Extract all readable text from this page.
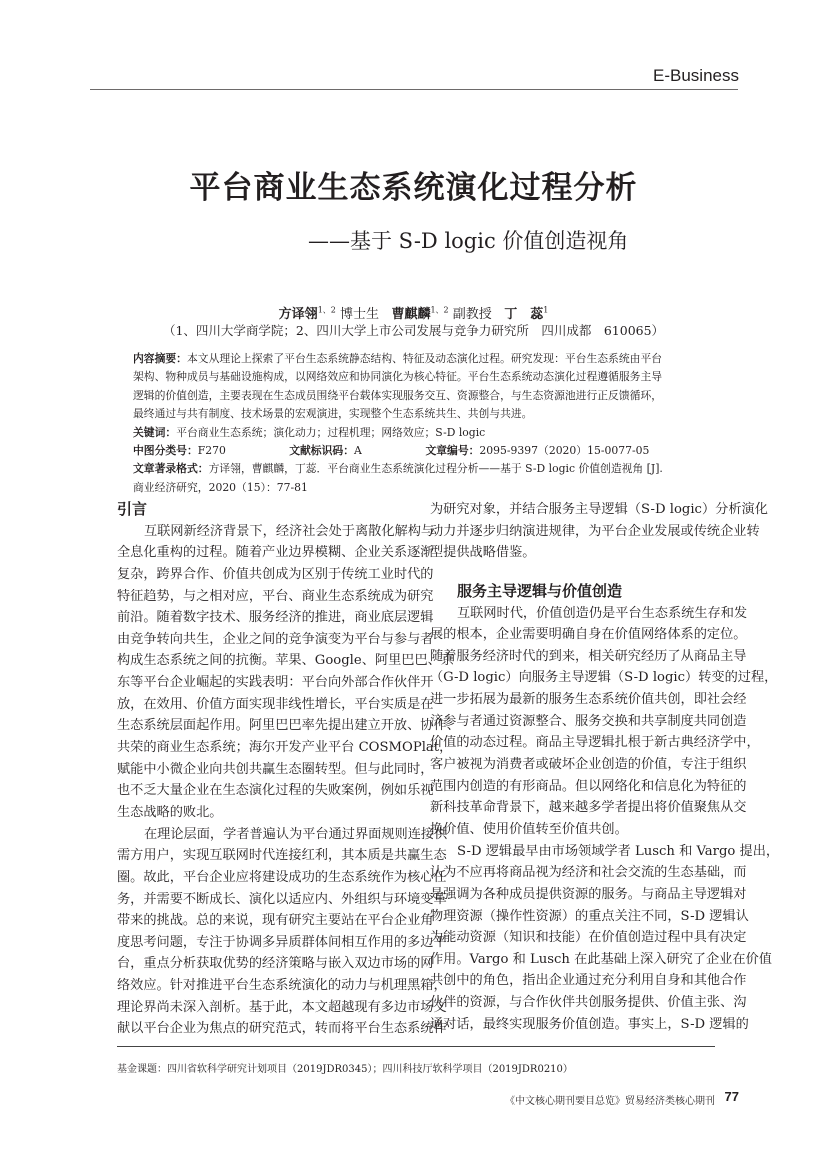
E-Business
平台商业生态系统演化过程分析
——基于 S-D logic 价值创造视角
方译翎$^{1、2}$ 博士生 曹麒麟$^{1、2}$ 副教授 丁　蕊$^1$
（1、四川大学商学院；2、四川大学上市公司发展与竞争力研究所　四川成都　610065）
内容摘要：本文从理论上探索了平台生态系统静态结构、特征及动态演化过程。研究发现：平台生态系统由平台
架构、物种成员与基础设施构成，以网络效应和协同演化为核心特征。平台生态系统动态演化过程遵循服务主导
逻辑的价值创造，主要表现在生态成员围绕平台载体实现服务交互、资源整合，与生态资源池进行正反馈循环，
最终通过与共有制度、技术场景的宏观演进，实现整个生态系统共生、共创与共进。
关键词：平台商业生态系统；演化动力；过程机理；网络效应；S-D logic
中图分类号：F270	文献标识码：A	文章编号：2095-9397（2020）15-0077-05
文章著录格式：方译翎，曹麒麟，丁蕊．平台商业生态系统演化过程分析——基于 S-D logic 价值创造视角 [J].
商业经济研究，2020（15）：77-81
引言
互联网新经济背景下，经济社会处于离散化解构与
全息化重构的过程。随着产业边界模糊、企业关系逐渐
复杂，跨界合作、价值共创成为区别于传统工业时代的
特征趋势，与之相对应，平台、商业生态系统成为研究
前沿。随着数字技术、服务经济的推进，商业底层逻辑
由竞争转向共生，企业之间的竞争演变为平台与参与者
构成生态系统之间的抗衡。苹果、Google、阿里巴巴、京
东等平台企业崛起的实践表明：平台向外部合作伙伴开
放，在效用、价值方面实现非线性增长，平台实质是在
生态系统层面起作用。阿里巴巴率先提出建立开放、协作、
共荣的商业生态系统；海尔开发产业平台 COSMOPlat，
赋能中小微企业向共创共赢生态圈转型。但与此同时，
也不乏大量企业在生态演化过程的失败案例，例如乐视
生态战略的败北。
在理论层面，学者普遍认为平台通过界面规则连接供
需方用户，实现互联网时代连接红利，其本质是共赢生态
圈。故此，平台企业应将建设成功的生态系统作为核心任
务，并需要不断成长、演化以适应内、外组织与环境变革
带来的挑战。总的来说，现有研究主要站在平台企业角
度思考问题，专注于协调多异质群体间相互作用的多边平
台，重点分析获取优势的经济策略与嵌入双边市场的网
络效应。针对推进平台生态系统演化的动力与机理黑箱，
理论界尚未深入剖析。基于此，本文超越现有多边市场文
献以平台企业为焦点的研究范式，转而将平台生态系统作
为研究对象，并结合服务主导逻辑（S-D logic）分析演化
动力并逐步归纳演进规律，为平台企业发展或传统企业转
型提供战略借鉴。
服务主导逻辑与价值创造
互联网时代，价值创造仍是平台生态系统生存和发
展的根本，企业需要明确自身在价值网络体系的定位。
随着服务经济时代的到来，相关研究经历了从商品主导
（G-D logic）向服务主导逻辑（S-D logic）转变的过程，
进一步拓展为最新的服务生态系统价值共创，即社会经
济参与者通过资源整合、服务交换和共享制度共同创造
价值的动态过程。商品主导逻辑扎根于新古典经济学中，
客户被视为消费者或破坏企业创造的价值，专注于组织
范围内创造的有形商品。但以网络化和信息化为特征的
新科技革命背景下，越来越多学者提出将价值聚焦从交
换价值、使用价值转至价值共创。
S-D 逻辑最早由市场领域学者 Lusch 和 Vargo 提出，
认为不应再将商品视为经济和社会交流的生态基础，而
是强调为各种成员提供资源的服务。与商品主导逻辑对
物理资源（操作性资源）的重点关注不同，S-D 逻辑认
为能动资源（知识和技能）在价值创造过程中具有决定
作用。Vargo 和 Lusch 在此基础上深入研究了企业在价值
共创中的角色，指出企业通过充分利用自身和其他合作
伙伴的资源，与合作伙伴共创服务提供、价值主张、沟
通对话，最终实现服务价值创造。事实上，S-D 逻辑的
基金课题：四川省软科学研究计划项目（2019JDR0345）；四川科技厅软科学项目（2019JDR0210）
《中文核心期刊要目总览》贸易经济类核心期刊 77
